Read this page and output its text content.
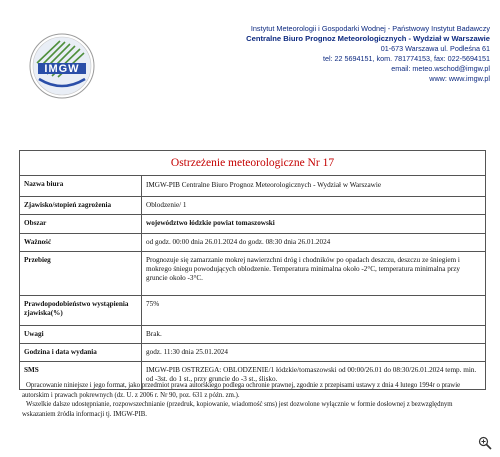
IMGW
Instytut Meteorologii i Gospodarki Wodnej - Państwowy Instytut Badawczy
Centralne Biuro Prognoz Meteorologicznych - Wydział w Warszawie
01-673 Warszawa ul. Podleśna 61
tel: 22 5694151, kom. 781774153, fax: 022-5694151
email: meteo.wschod@imgw.pl
www: www.imgw.pl
Ostrzeżenie meteorologiczne Nr 17
Nazwa biura	IMGW-PIB Centralne Biuro Prognoz Meteorologicznych - Wydział w Warszawie
Zjawisko/stopień zagrożenia	Oblodzenie/ 1
Obszar	województwo łódzkie powiat tomaszowski
Ważność	od godz. 00:00 dnia 26.01.2024 do godz. 08:30 dnia 26.01.2024
Przebieg	Prognozuje się zamarzanie mokrej nawierzchni dróg i chodników po opadach deszczu, deszczu ze śniegiem i mokrego śniegu powodujących oblodzenie. Temperatura minimalna około -2°C, temperatura minimalna przy gruncie około -3°C.
Prawdopodobieństwo wystąpienia zjawiska(%)	75%
Uwagi	Brak.
Godzina i data wydania	godz. 11:30 dnia 25.01.2024
SMS	IMGW-PIB OSTRZEGA: OBLODZENIE/1 łódzkie/tomaszowski od 00:00/26.01 do 08:30/26.01.2024 temp. min. od -3st. do 1 st., przy gruncie do -3 st., ślisko.

Opracowanie niniejsze i jego format, jako przedmiot prawa autorskiego podlega ochronie prawnej, zgodnie z przepisami ustawy z dnia 4 lutego 1994r o prawie autorskim i prawach pokrewnych (dz. U. z 2006 r. Nr 90, poz. 631 z późn. zm.).

Wszelkie dalsze udostępnianie, rozpowszechnianie (przedruk, kopiowanie, wiadomość sms) jest dozwolone wyłącznie w formie dosłownej z bezwzględnym wskazaniem źródła informacji tj. IMGW-PIB.
